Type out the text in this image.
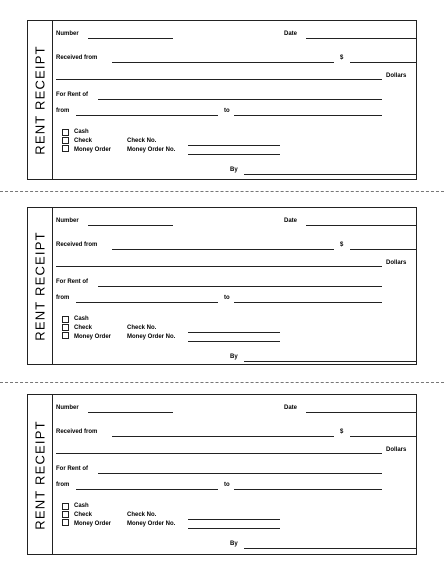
RENT RECEIPT
Number	Date
Received from	$
Dollars
For Rent of
from	to
Cash
Check
Money Order
Check No.
Money Order No.
By
RENT RECEIPT
Number	Date
Received from	$
Dollars
For Rent of
from	to
Cash
Check
Money Order
Check No.
Money Order No.
By
RENT RECEIPT
Number	Date
Received from	$
Dollars
For Rent of
from	to
Cash
Check
Money Order
Check No.
Money Order No.
By
